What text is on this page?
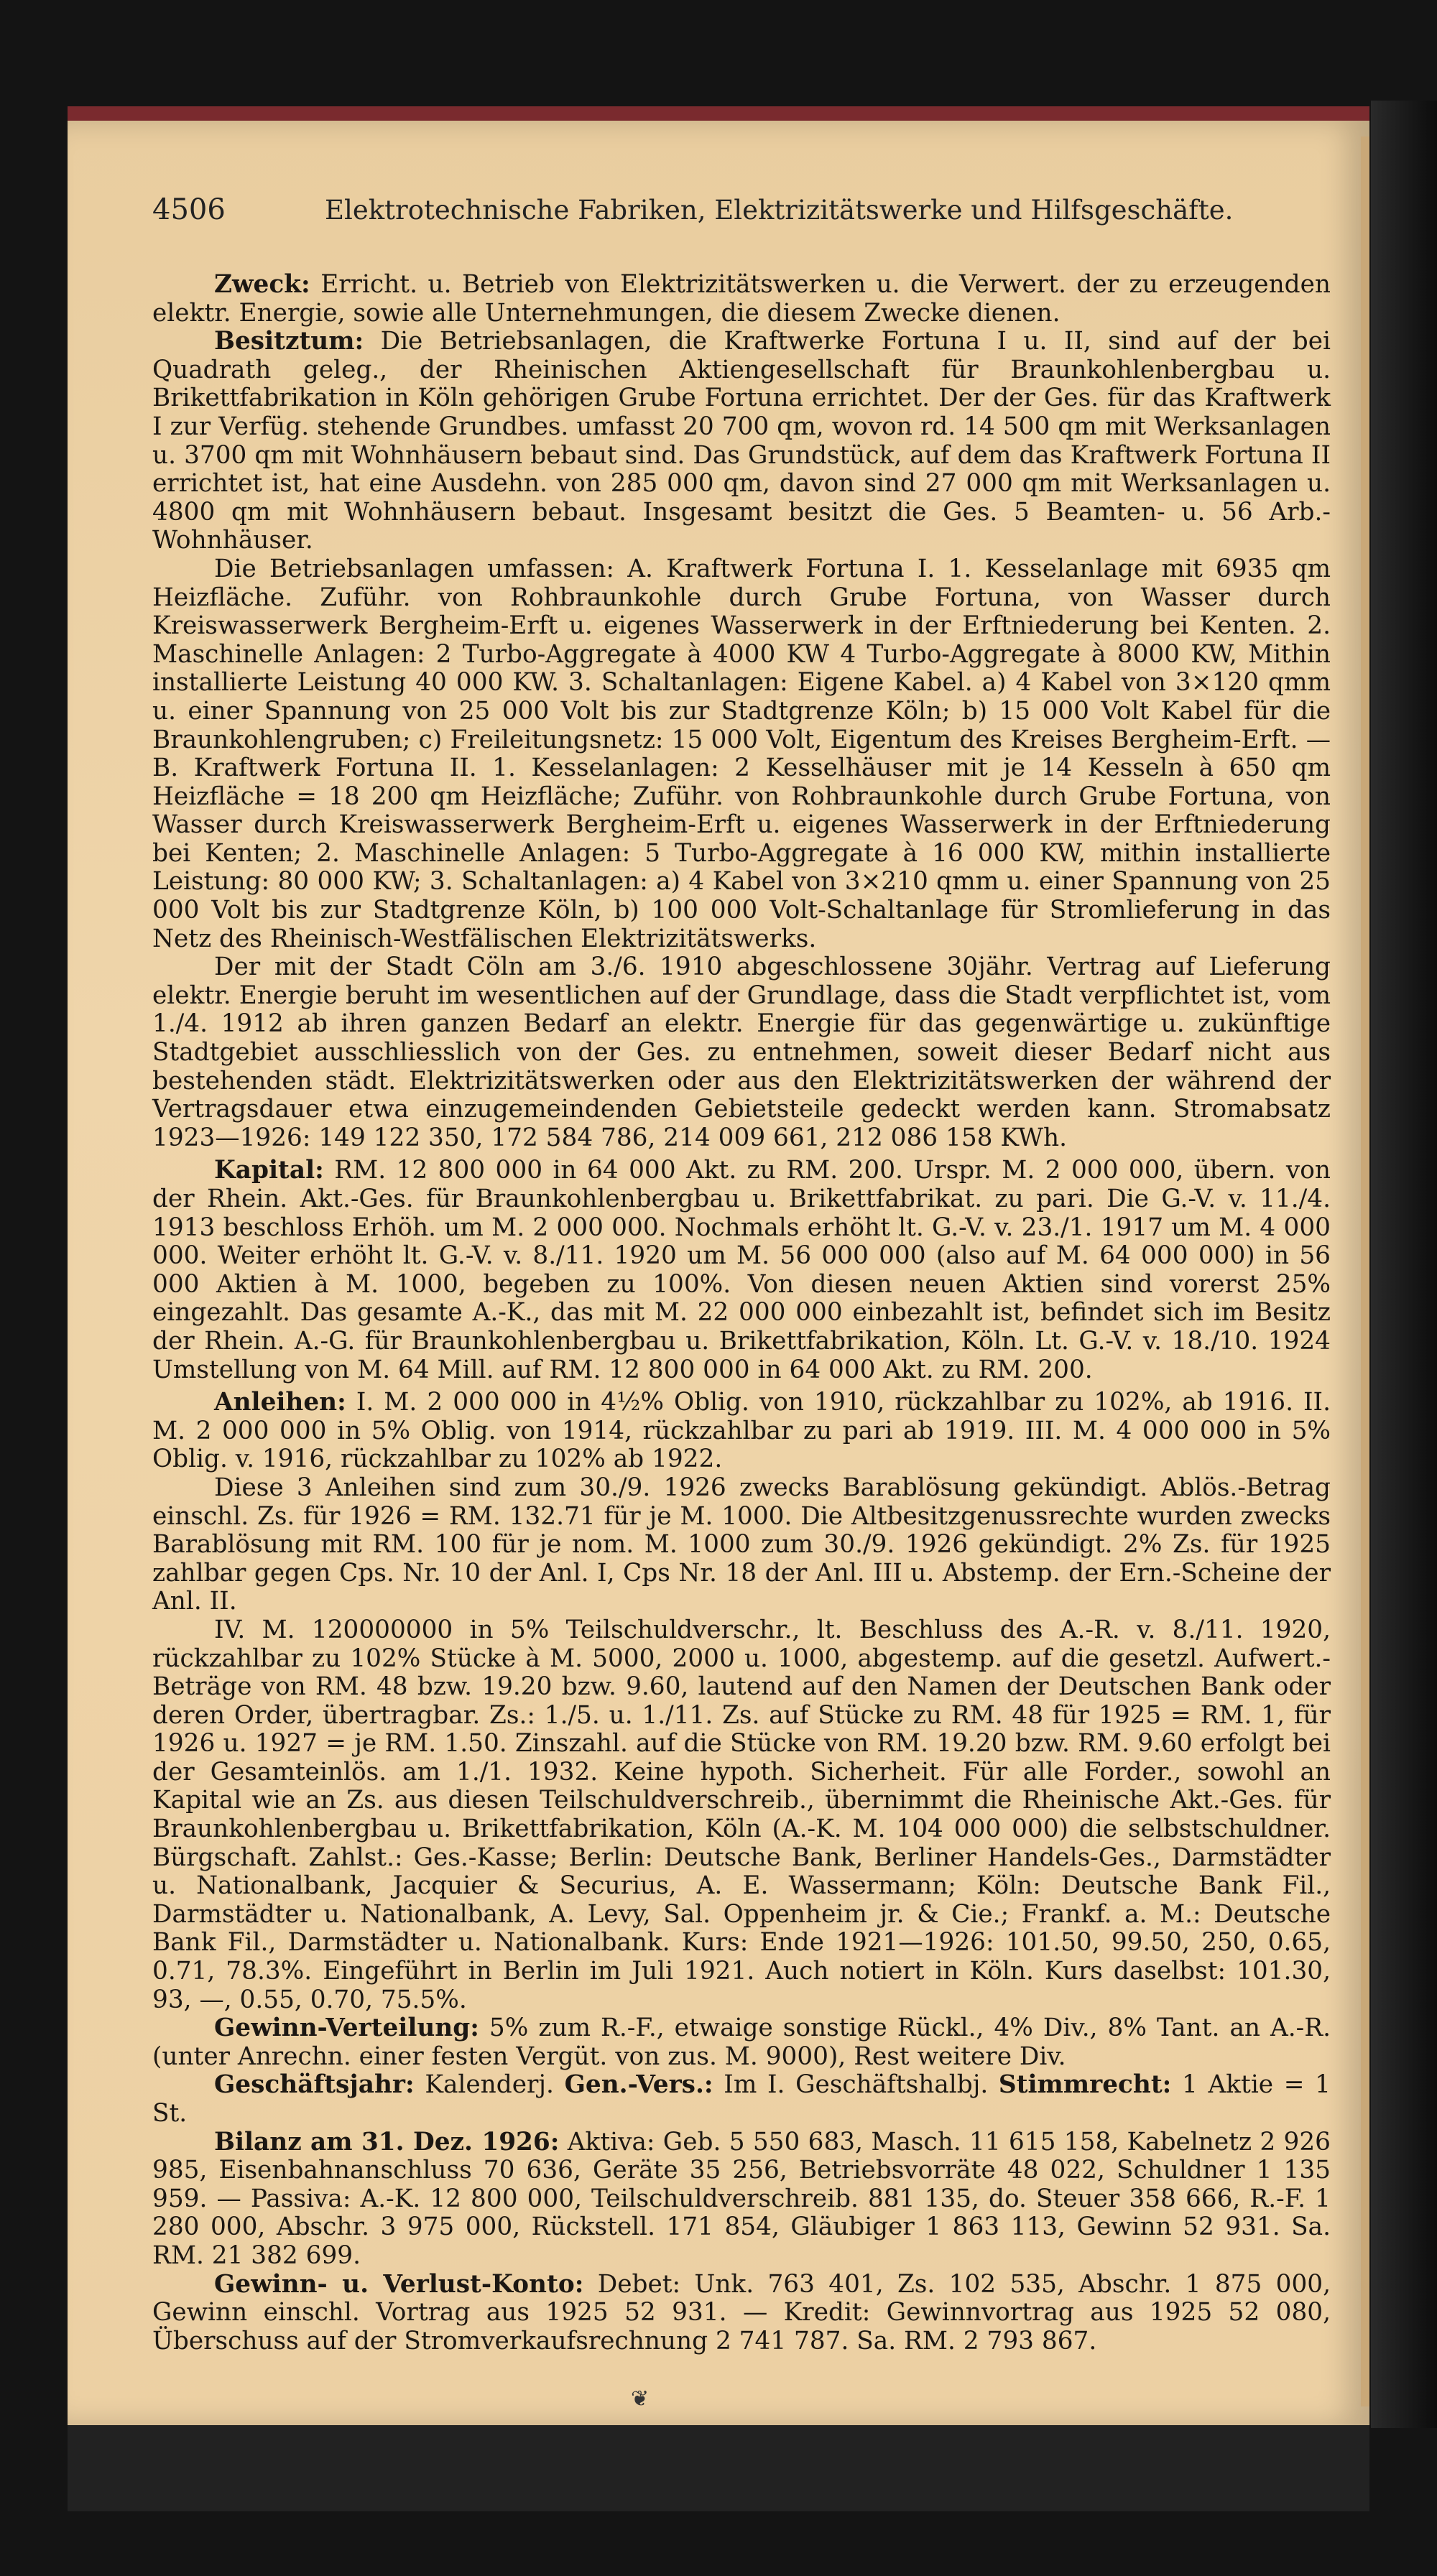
4506	Elektrotechnische Fabriken, Elektrizitätswerke und Hilfsgeschäfte.

Zweck: Erricht. u. Betrieb von Elektrizitätswerken u. die Verwert. der zu erzeugenden elektr. Energie, sowie alle Unternehmungen, die diesem Zwecke dienen.

Besitztum: Die Betriebsanlagen, die Kraftwerke Fortuna I u. II, sind auf der bei Quadrath geleg., der Rheinischen Aktiengesellschaft für Braunkohlenbergbau u. Brikettfabrikation in Köln gehörigen Grube Fortuna errichtet. Der der Ges. für das Kraftwerk I zur Verfüg. stehende Grundbes. umfasst 20 700 qm, wovon rd. 14 500 qm mit Werksanlagen u. 3700 qm mit Wohnhäusern bebaut sind. Das Grundstück, auf dem das Kraftwerk Fortuna II errichtet ist, hat eine Ausdehn. von 285 000 qm, davon sind 27 000 qm mit Werksanlagen u. 4800 qm mit Wohnhäusern bebaut. Insgesamt besitzt die Ges. 5 Beamten- u. 56 Arb.-Wohnhäuser.

Die Betriebsanlagen umfassen: A. Kraftwerk Fortuna I. 1. Kesselanlage mit 6935 qm Heizfläche. Zuführ. von Rohbraunkohle durch Grube Fortuna, von Wasser durch Kreiswasserwerk Bergheim-Erft u. eigenes Wasserwerk in der Erftniederung bei Kenten. 2. Maschinelle Anlagen: 2 Turbo-Aggregate à 4000 KW 4 Turbo-Aggregate à 8000 KW, Mithin installierte Leistung 40 000 KW. 3. Schaltanlagen: Eigene Kabel. a) 4 Kabel von 3×120 qmm u. einer Spannung von 25 000 Volt bis zur Stadtgrenze Köln; b) 15 000 Volt Kabel für die Braunkohlengruben; c) Freileitungsnetz: 15 000 Volt, Eigentum des Kreises Bergheim-Erft. — B. Kraftwerk Fortuna II. 1. Kesselanlagen: 2 Kesselhäuser mit je 14 Kesseln à 650 qm Heizfläche = 18 200 qm Heizfläche; Zuführ. von Rohbraunkohle durch Grube Fortuna, von Wasser durch Kreiswasserwerk Bergheim-Erft u. eigenes Wasserwerk in der Erftniederung bei Kenten; 2. Maschinelle Anlagen: 5 Turbo-Aggregate à 16 000 KW, mithin installierte Leistung: 80 000 KW; 3. Schaltanlagen: a) 4 Kabel von 3×210 qmm u. einer Spannung von 25 000 Volt bis zur Stadtgrenze Köln, b) 100 000 Volt-Schaltanlage für Stromlieferung in das Netz des Rheinisch-Westfälischen Elektrizitätswerks.

Der mit der Stadt Cöln am 3./6. 1910 abgeschlossene 30jähr. Vertrag auf Lieferung elektr. Energie beruht im wesentlichen auf der Grundlage, dass die Stadt verpflichtet ist, vom 1./4. 1912 ab ihren ganzen Bedarf an elektr. Energie für das gegenwärtige u. zukünftige Stadtgebiet ausschliesslich von der Ges. zu entnehmen, soweit dieser Bedarf nicht aus bestehenden städt. Elektrizitätswerken oder aus den Elektrizitätswerken der während der Vertragsdauer etwa einzugemeindenden Gebietsteile gedeckt werden kann. Stromabsatz 1923—1926: 149 122 350, 172 584 786, 214 009 661, 212 086 158 KWh.

Kapital: RM. 12 800 000 in 64 000 Akt. zu RM. 200. Urspr. M. 2 000 000, übern. von der Rhein. Akt.-Ges. für Braunkohlenbergbau u. Brikettfabrikat. zu pari. Die G.-V. v. 11./4. 1913 beschloss Erhöh. um M. 2 000 000. Nochmals erhöht lt. G.-V. v. 23./1. 1917 um M. 4 000 000. Weiter erhöht lt. G.-V. v. 8./11. 1920 um M. 56 000 000 (also auf M. 64 000 000) in 56 000 Aktien à M. 1000, begeben zu 100%. Von diesen neuen Aktien sind vorerst 25% eingezahlt. Das gesamte A.-K., das mit M. 22 000 000 einbezahlt ist, befindet sich im Besitz der Rhein. A.-G. für Braunkohlenbergbau u. Brikettfabrikation, Köln. Lt. G.-V. v. 18./10. 1924 Umstellung von M. 64 Mill. auf RM. 12 800 000 in 64 000 Akt. zu RM. 200.

Anleihen: I. M. 2 000 000 in 4½% Oblig. von 1910, rückzahlbar zu 102%, ab 1916. II. M. 2 000 000 in 5% Oblig. von 1914, rückzahlbar zu pari ab 1919. III. M. 4 000 000 in 5% Oblig. v. 1916, rückzahlbar zu 102% ab 1922.

Diese 3 Anleihen sind zum 30./9. 1926 zwecks Barablösung gekündigt. Ablös.-Betrag einschl. Zs. für 1926 = RM. 132.71 für je M. 1000. Die Altbesitzgenussrechte wurden zwecks Barablösung mit RM. 100 für je nom. M. 1000 zum 30./9. 1926 gekündigt. 2% Zs. für 1925 zahlbar gegen Cps. Nr. 10 der Anl. I, Cps Nr. 18 der Anl. III u. Abstemp. der Ern.-Scheine der Anl. II.

IV. M. 120000000 in 5% Teilschuldverschr., lt. Beschluss des A.-R. v. 8./11. 1920, rückzahlbar zu 102% Stücke à M. 5000, 2000 u. 1000, abgestemp. auf die gesetzl. Aufwert.-Beträge von RM. 48 bzw. 19.20 bzw. 9.60, lautend auf den Namen der Deutschen Bank oder deren Order, übertragbar. Zs.: 1./5. u. 1./11. Zs. auf Stücke zu RM. 48 für 1925 = RM. 1, für 1926 u. 1927 = je RM. 1.50. Zinszahl. auf die Stücke von RM. 19.20 bzw. RM. 9.60 erfolgt bei der Gesamteinlös. am 1./1. 1932. Keine hypoth. Sicherheit. Für alle Forder., sowohl an Kapital wie an Zs. aus diesen Teilschuldverschreib., übernimmt die Rheinische Akt.-Ges. für Braunkohlenbergbau u. Brikettfabrikation, Köln (A.-K. M. 104 000 000) die selbstschuldner. Bürgschaft. Zahlst.: Ges.-Kasse; Berlin: Deutsche Bank, Berliner Handels-Ges., Darmstädter u. Nationalbank, Jacquier & Securius, A. E. Wassermann; Köln: Deutsche Bank Fil., Darmstädter u. Nationalbank, A. Levy, Sal. Oppenheim jr. & Cie.; Frankf. a. M.: Deutsche Bank Fil., Darmstädter u. Nationalbank. Kurs: Ende 1921—1926: 101.50, 99.50, 250, 0.65, 0.71, 78.3%. Eingeführt in Berlin im Juli 1921. Auch notiert in Köln. Kurs daselbst: 101.30, 93, —, 0.55, 0.70, 75.5%.

Gewinn-Verteilung: 5% zum R.-F., etwaige sonstige Rückl., 4% Div., 8% Tant. an A.-R. (unter Anrechn. einer festen Vergüt. von zus. M. 9000), Rest weitere Div.

Geschäftsjahr: Kalenderj. Gen.-Vers.: Im I. Geschäftshalbj. Stimmrecht: 1 Aktie = 1 St.

Bilanz am 31. Dez. 1926: Aktiva: Geb. 5 550 683, Masch. 11 615 158, Kabelnetz 2 926 985, Eisenbahnanschluss 70 636, Geräte 35 256, Betriebsvorräte 48 022, Schuldner 1 135 959. — Passiva: A.-K. 12 800 000, Teilschuldverschreib. 881 135, do. Steuer 358 666, R.-F. 1 280 000, Abschr. 3 975 000, Rückstell. 171 854, Gläubiger 1 863 113, Gewinn 52 931. Sa. RM. 21 382 699.

Gewinn- u. Verlust-Konto: Debet: Unk. 763 401, Zs. 102 535, Abschr. 1 875 000, Gewinn einschl. Vortrag aus 1925 52 931. — Kredit: Gewinnvortrag aus 1925 52 080, Überschuss auf der Stromverkaufsrechnung 2 741 787. Sa. RM. 2 793 867.

❦
